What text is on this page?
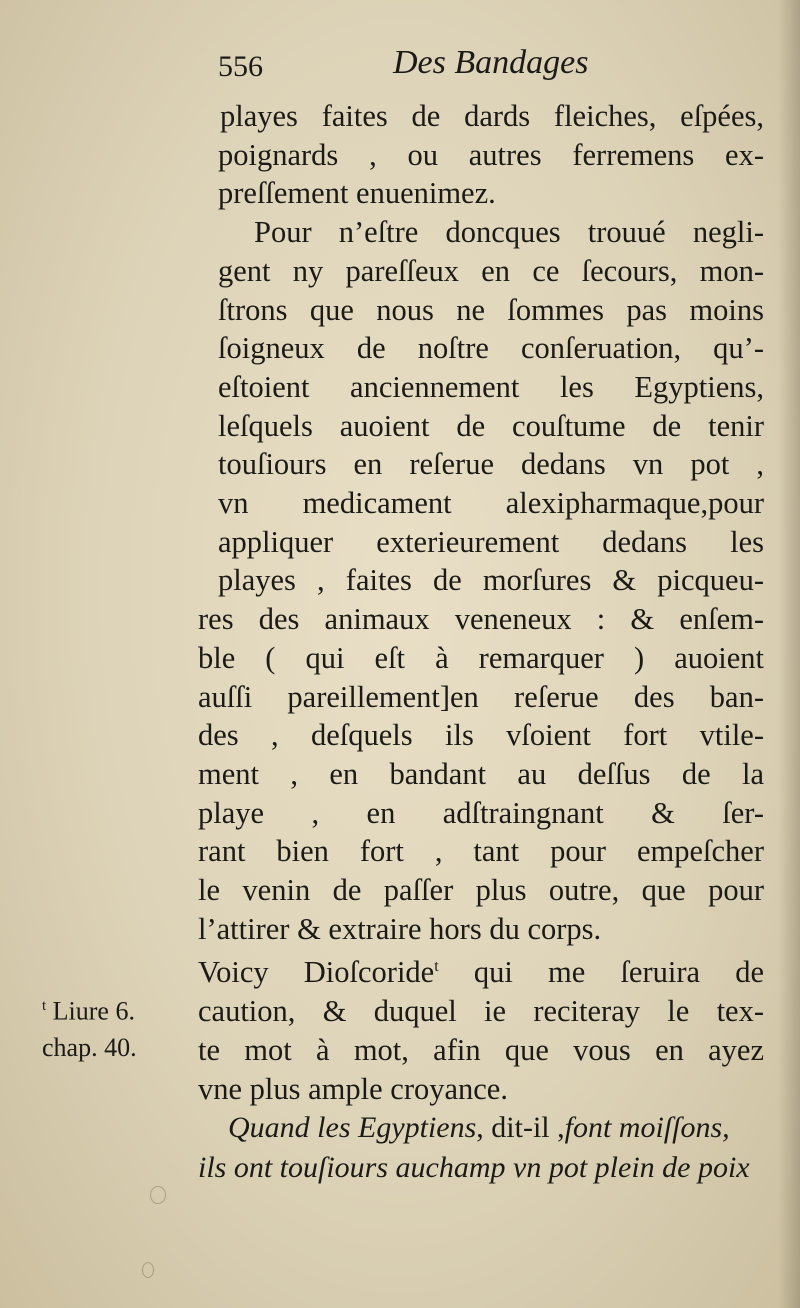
556	Des Bandages
playes faites de dards fleiches, eſpées,
poignards , ou autres ferremens ex-
preſſement enuenimez.
Pour n’eſtre doncques trouué negli-
gent ny pareſſeux en ce ſecours, mon-
ſtrons que nous ne ſommes pas moins
ſoigneux de noſtre conſeruation, qu’-
eſtoient anciennement les Egyptiens,
leſquels auoient de couſtume de tenir
touſiours en reſerue dedans vn pot ,
vn medicament alexipharmaque,pour
appliquer exterieurement dedans les
playes , faites de morſures & picqueu-
res des animaux veneneux : & enſem-
ble ( qui eſt à remarquer ) auoient
auſſi pareillement]en reſerue des ban-
des , deſquels ils vſoient fort vtile-
ment , en bandant au deſſus de la
playe , en adſtraingnant & ſer-
rant bien fort , tant pour empeſcher
le venin de paſſer plus outre, que pour
l’attirer & extraire hors du corps.
Voicy Dioſcoride$^t$ qui me ſeruira de
caution, & duquel ie reciteray le tex-
te mot à mot, afin que vous en ayez
vne plus ample croyance.
$^t$ Liure 6.
chap. 40.
Quand les Egyptiens, dit-il ,font moiſſons,
ils ont touſiours auchamp vn pot plein de poix
